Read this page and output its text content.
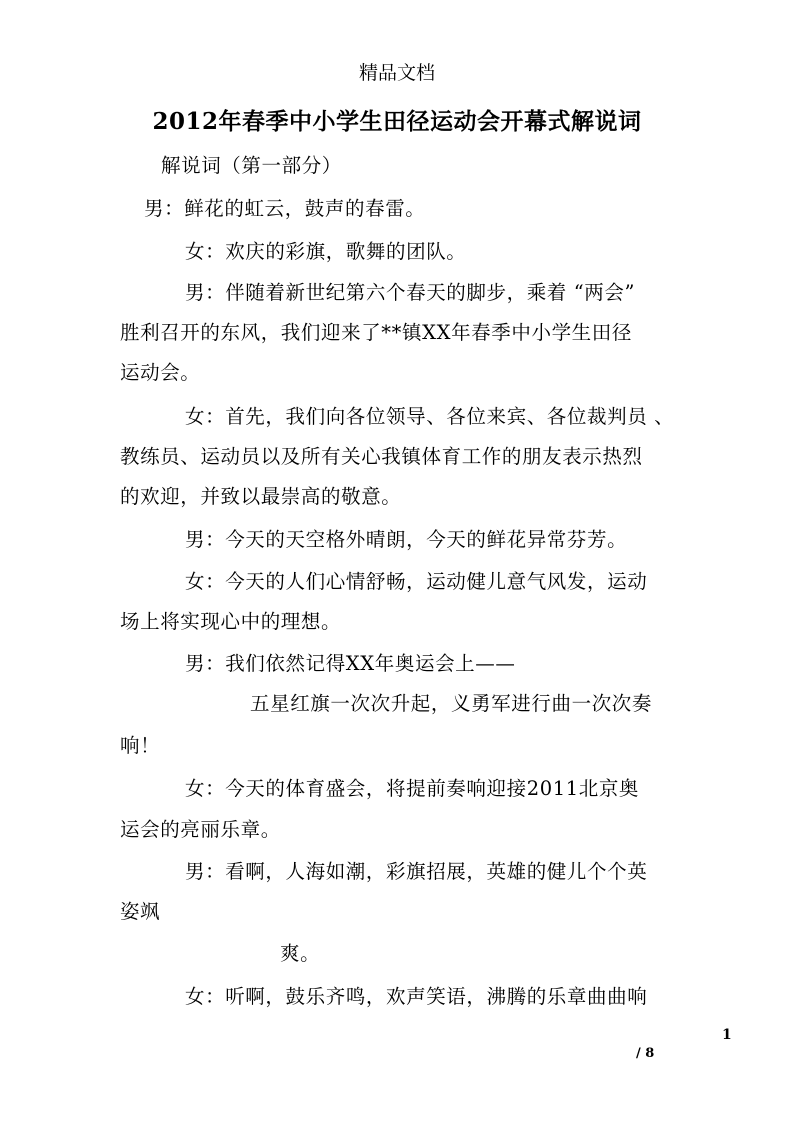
精品文档
2012年春季中小学生田径运动会开幕式解说词
解说词（第一部分）
男：鲜花的虹云，鼓声的春雷。
女：欢庆的彩旗，歌舞的团队。
男：伴随着新世纪第六个春天的脚步，乘着 “两会”
胜利召开的东风，我们迎来了**镇XX年春季中小学生田径
运动会。
女：首先，我们向各位领导、各位来宾、各位裁判员 、
教练员、运动员以及所有关心我镇体育工作的朋友表示热烈
的欢迎，并致以最崇高的敬意。
男：今天的天空格外晴朗，今天的鲜花异常芬芳。
女：今天的人们心情舒畅，运动健儿意气风发，运动
场上将实现心中的理想。
男：我们依然记得XX年奥运会上——
五星红旗一次次升起，义勇军进行曲一次次奏
响！
女：今天的体育盛会，将提前奏响迎接2011北京奥
运会的亮丽乐章。
男：看啊，人海如潮，彩旗招展，英雄的健儿个个英
姿飒
爽。
女：听啊，鼓乐齐鸣，欢声笑语，沸腾的乐章曲曲响
1
/ 8
